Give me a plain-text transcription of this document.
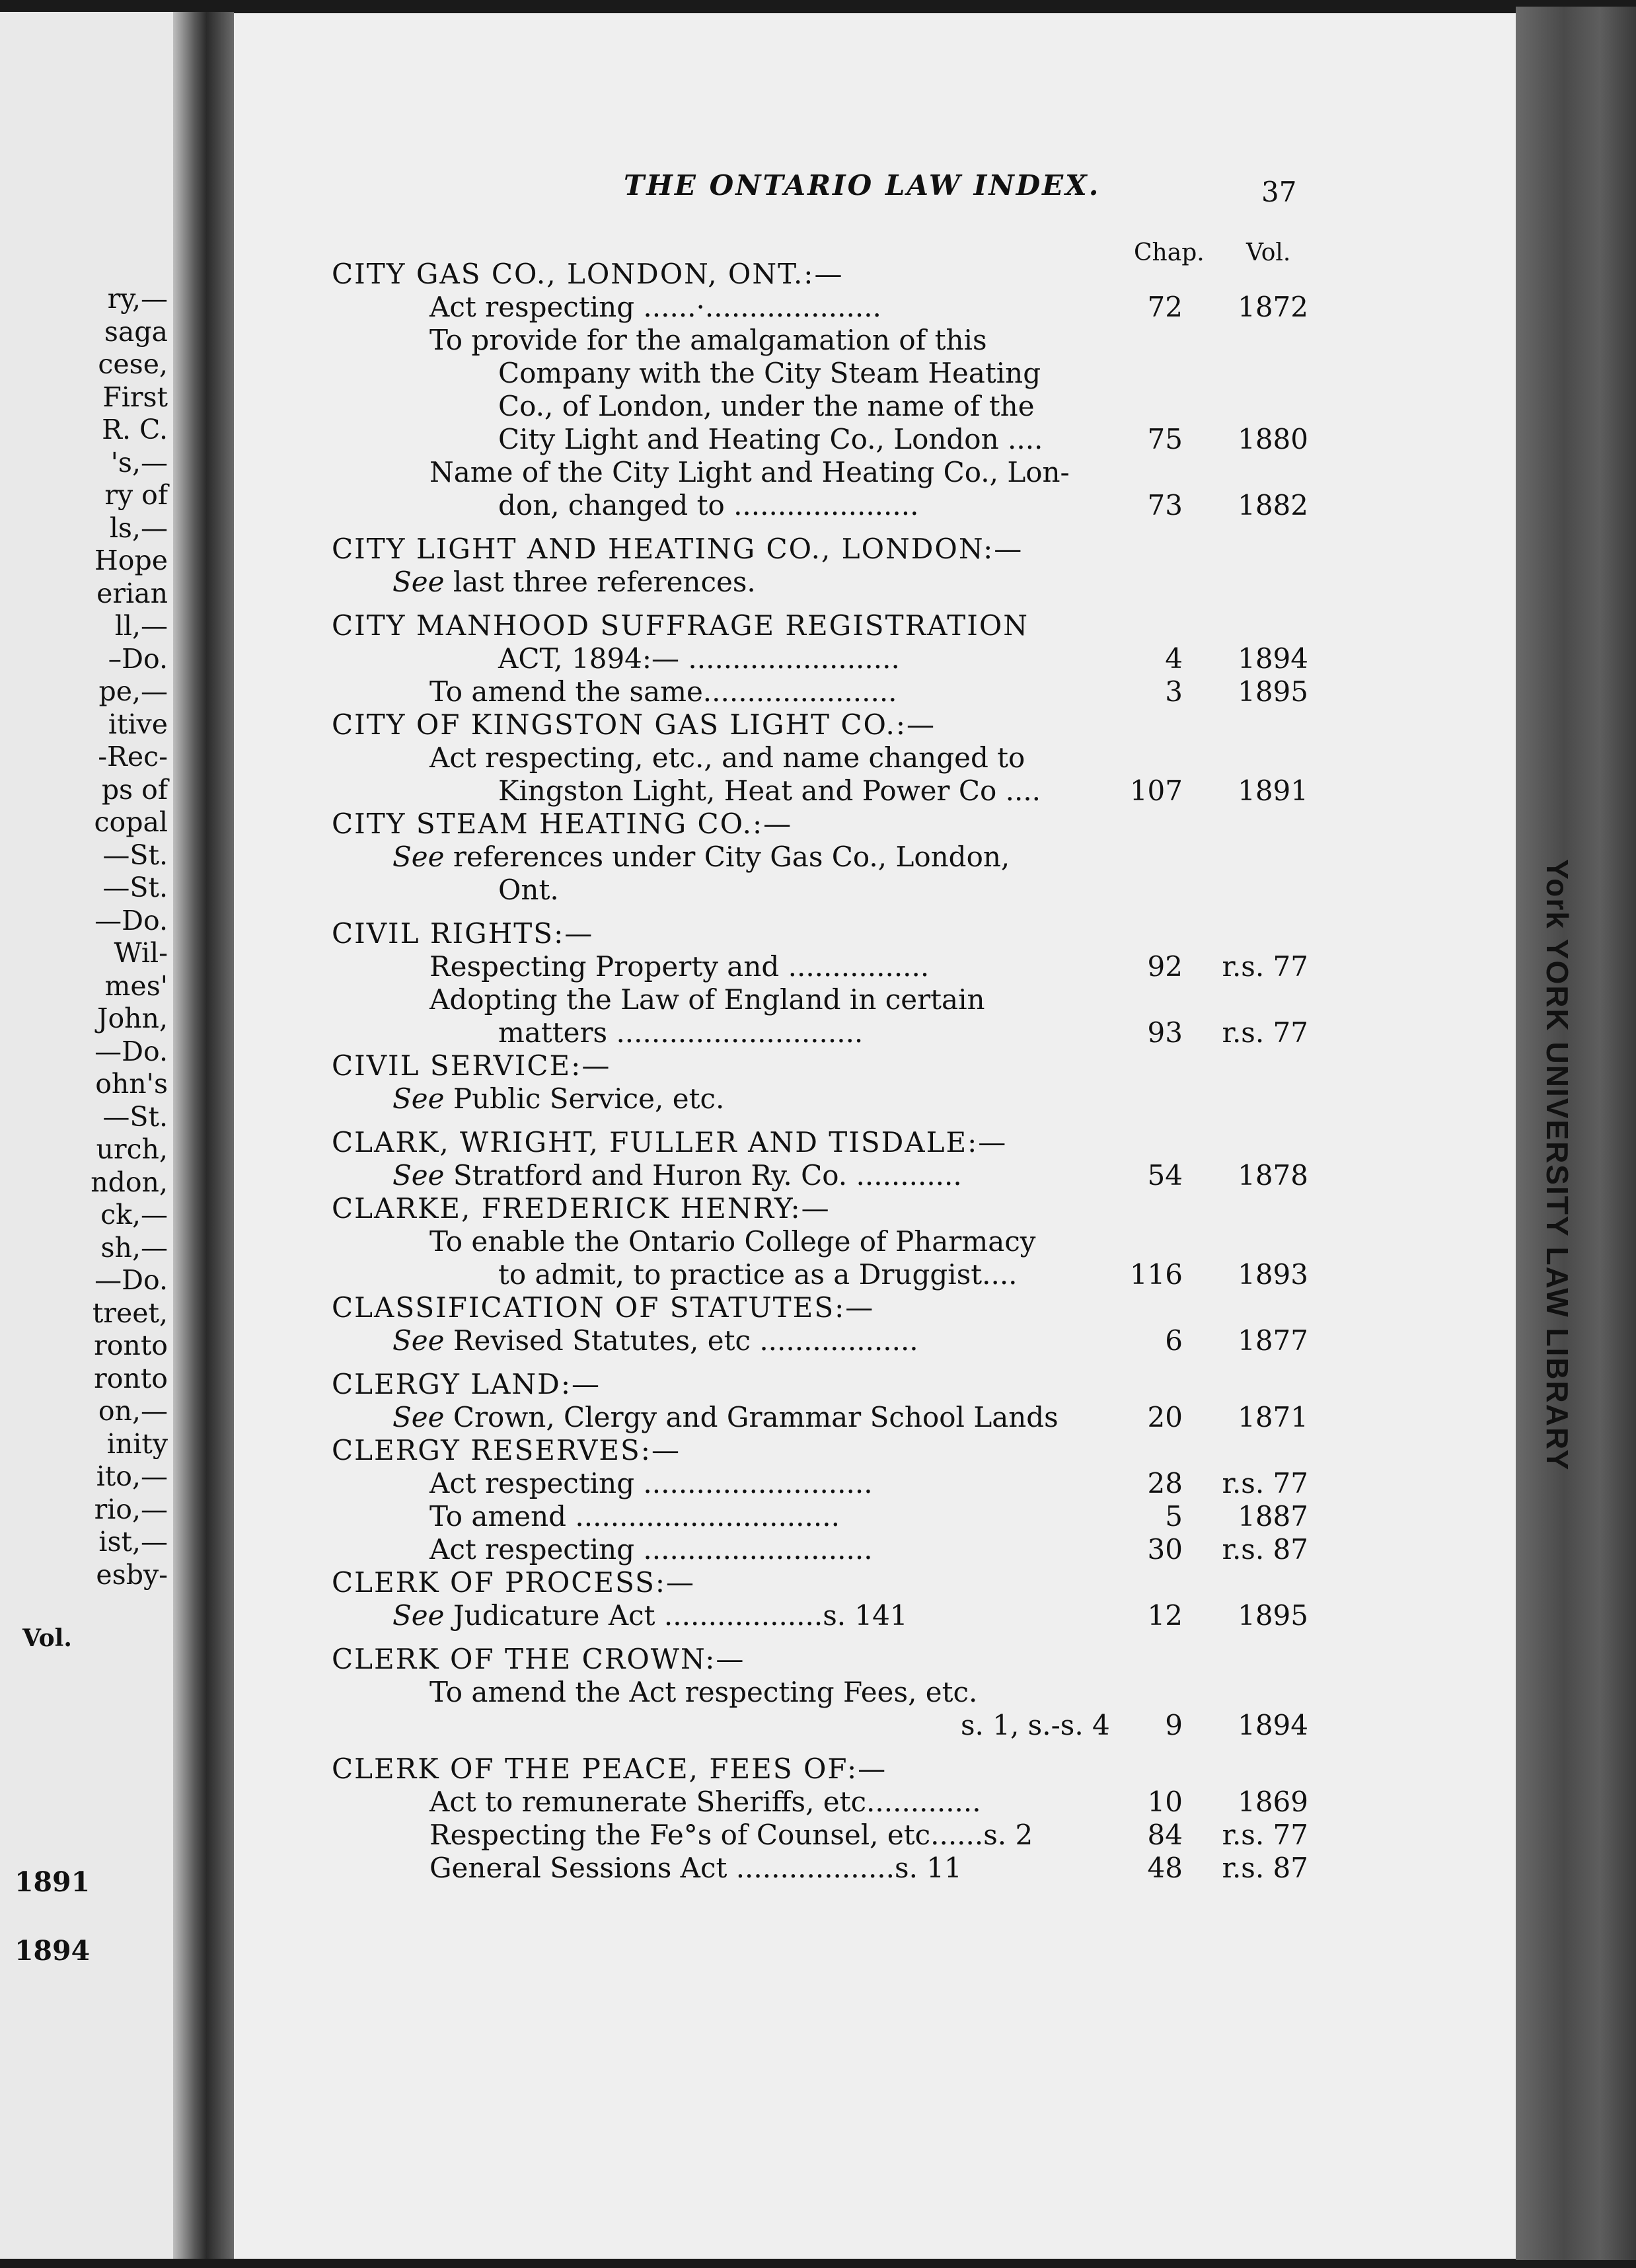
ry,—
saga
cese,
First
R. C.
's,—
ry of
ls,—
Hope
erian
ll,—
–Do.
pe,—
itive
-Rec-
ps of
copal
—St.
—St.
—Do.
Wil-
mes'
John,
—Do.
ohn's
—St.
urch,
ndon,
ck,—
sh,—
—Do.
treet,
ronto
ronto
on,—
inity
ito,—
rio,—
ist,—
esby-
Vol.
1891
1894
York YORK UNIVERSITY LAW LIBRARY
THE ONTARIO LAW INDEX.	37
Chap. Vol.
CITY GAS CO., LONDON, ONT.:—
Act respecting ......·....................	72	1872
To provide for the amalgamation of this
Company with the City Steam Heating
Co., of London, under the name of the
City Light and Heating Co., London ....	75	1880
Name of the City Light and Heating Co., Lon-
don, changed to .....................	73	1882
CITY LIGHT AND HEATING CO., LONDON:—
See last three references.
CITY MANHOOD SUFFRAGE REGISTRATION
ACT, 1894:— ........................	4	1894
To amend the same......................	3	1895
CITY OF KINGSTON GAS LIGHT CO.:—
Act respecting, etc., and name changed to
Kingston Light, Heat and Power Co ....	107	1891
CITY STEAM HEATING CO.:—
See references under City Gas Co., London,
Ont.
CIVIL RIGHTS:—
Respecting Property and ................	92	r.s. 77
Adopting the Law of England in certain
matters ............................	93	r.s. 77
CIVIL SERVICE:—
See Public Service, etc.
CLARK, WRIGHT, FULLER AND TISDALE:—
See Stratford and Huron Ry. Co. ............	54	1878
CLARKE, FREDERICK HENRY:—
To enable the Ontario College of Pharmacy
to admit, to practice as a Druggist....	116	1893
CLASSIFICATION OF STATUTES:—
See Revised Statutes, etc ..................	6	1877
CLERGY LAND:—
See Crown, Clergy and Grammar School Lands	20	1871
CLERGY RESERVES:—
Act respecting ..........................	28	r.s. 77
To amend ..............................	5	1887
Act respecting ..........................	30	r.s. 87
CLERK OF PROCESS:—
See Judicature Act ..................s. 141	12	1895
CLERK OF THE CROWN:—
To amend the Act respecting Fees, etc.
s. 1, s.-s. 4	9	1894
CLERK OF THE PEACE, FEES OF:—
Act to remunerate Sheriffs, etc.............	10	1869
Respecting the Fe°s of Counsel, etc......s. 2	84	r.s. 77
General Sessions Act ..................s. 11	48	r.s. 87
